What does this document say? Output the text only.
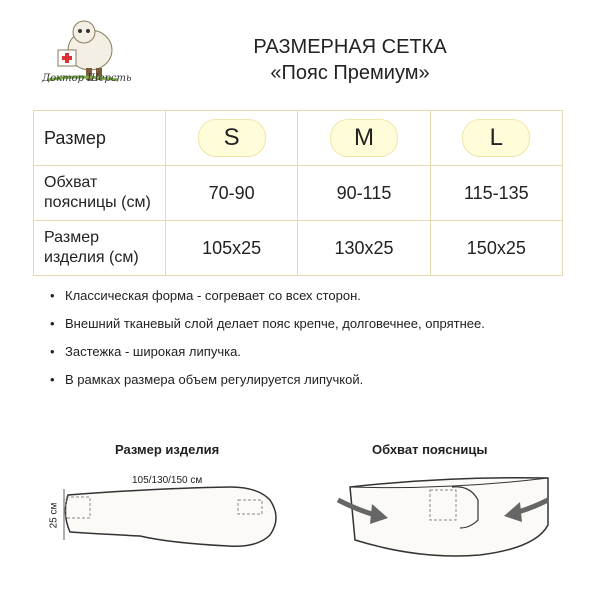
Доктор Шерсть
РАЗМЕРНАЯ СЕТКА
«Пояс Премиум»
Размер	S	M	L
Обхват
поясницы (см)	70-90	90-115	115-135
Размер
изделия (см)	105x25	130x25	150x25
• Классическая форма - согревает со всех сторон.
• Внешний тканевый слой делает пояс крепче, долговечнее, опрятнее.
• Застежка - широкая липучка.
• В рамках размера объем регулируется липучкой.
Размер изделия	Обхват поясницы
105/130/150 см
25 см
